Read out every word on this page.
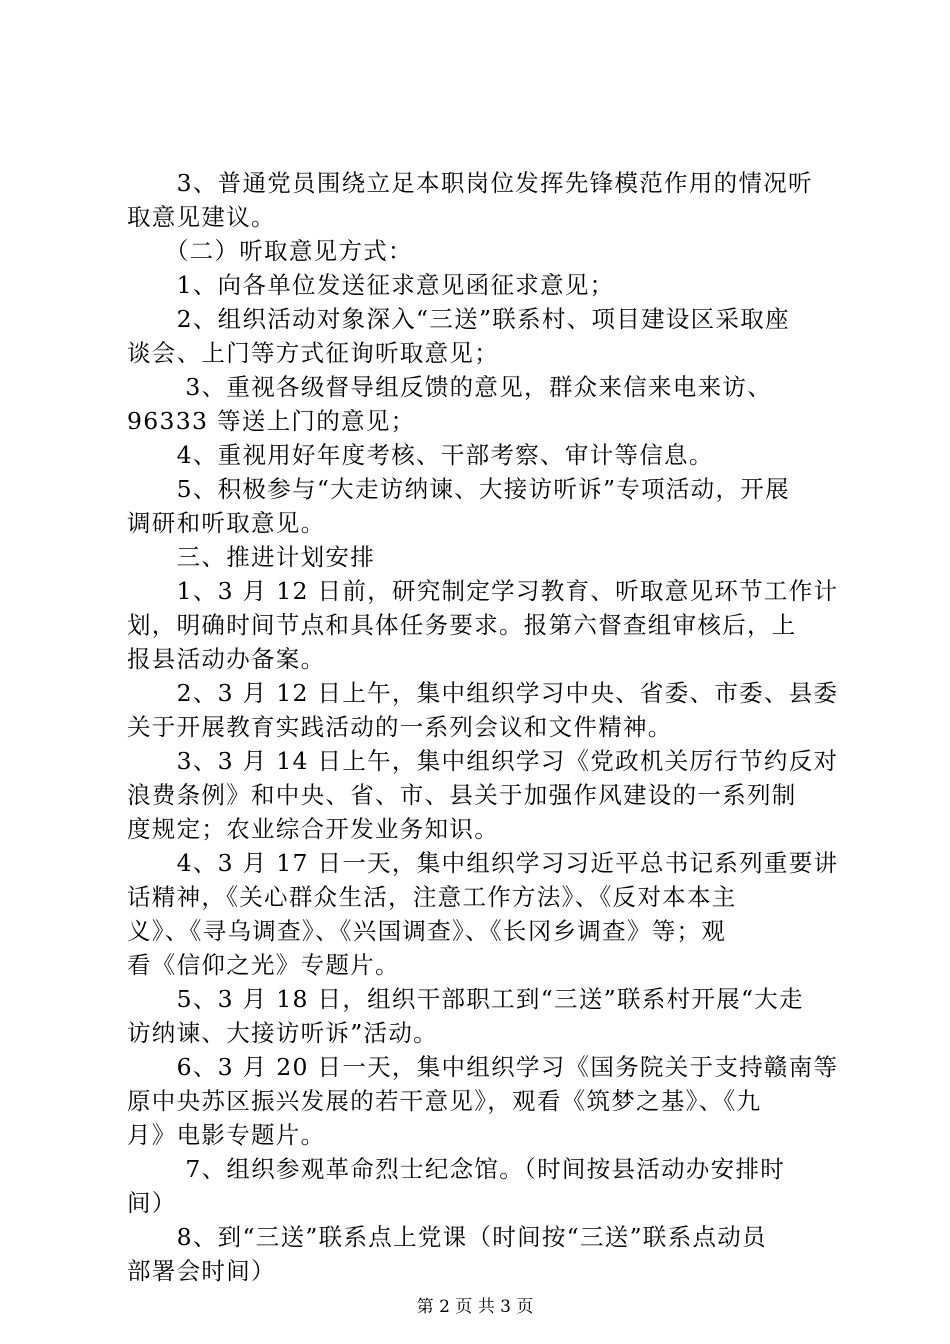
　　3、普通党员围绕立足本职岗位发挥先锋模范作用的情况听
取意见建议。
　　（二）听取意见方式：
　　1、向各单位发送征求意见函征求意见；
　　2、组织活动对象深入“三送”联系村、项目建设区采取座
谈会、上门等方式征询听取意见；
　　 3、重视各级督导组反馈的意见，群众来信来电来访、
96333 等送上门的意见；
　　4、重视用好年度考核、干部考察、审计等信息。
　　5、积极参与“大走访纳谏、大接访听诉”专项活动，开展
调研和听取意见。
　　三、推进计划安排
　　1、3 月 12 日前，研究制定学习教育、听取意见环节工作计
划，明确时间节点和具体任务要求。报第六督查组审核后，上
报县活动办备案。
　　2、3 月 12 日上午，集中组织学习中央、省委、市委、县委
关于开展教育实践活动的一系列会议和文件精神。
　　3、3 月 14 日上午，集中组织学习《党政机关厉行节约反对
浪费条例》和中央、省、市、县关于加强作风建设的一系列制
度规定；农业综合开发业务知识。
　　4、3 月 17 日一天，集中组织学习习近平总书记系列重要讲
话精神，《关心群众生活，注意工作方法》、《反对本本主
义》、《寻乌调查》、《兴国调查》、《长冈乡调查》等；观
看《信仰之光》专题片。
　　5、3 月 18 日，组织干部职工到“三送”联系村开展“大走
访纳谏、大接访听诉”活动。
　　6、3 月 20 日一天，集中组织学习《国务院关于支持赣南等
原中央苏区振兴发展的若干意见》，观看《筑梦之基》、《九
月》电影专题片。
　　 7、组织参观革命烈士纪念馆。（时间按县活动办安排时
间）
　　8、到“三送”联系点上党课（时间按“三送”联系点动员
部署会时间）
第 2 页 共 3 页
